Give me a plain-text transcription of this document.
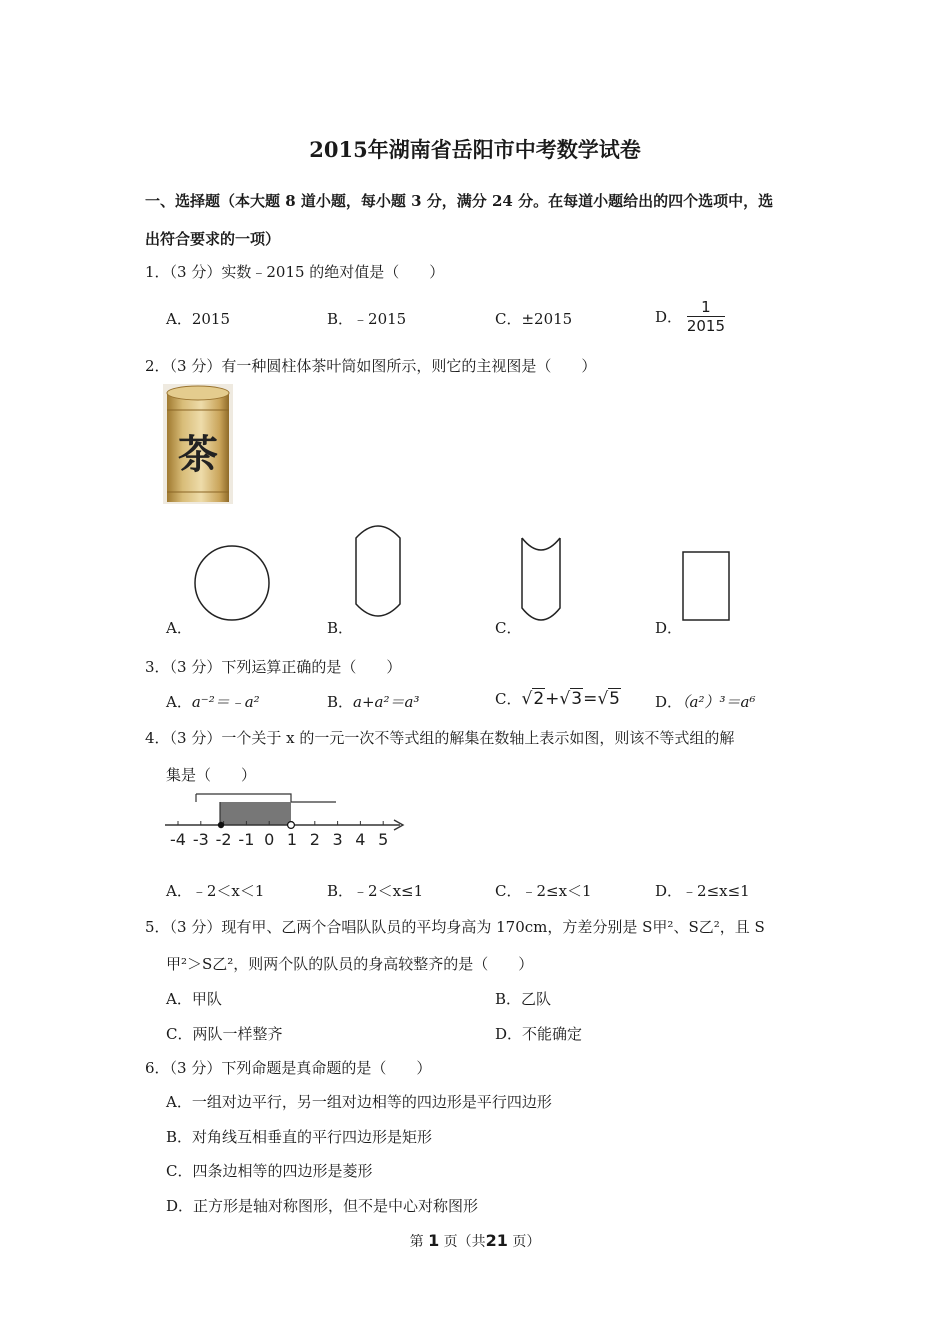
2015年湖南省岳阳市中考数学试卷
一、选择题（本大题 8 道小题，每小题 3 分，满分 24 分。在每道小题给出的四个选项中，选
出符合要求的一项）
1．（3 分）实数﹣2015 的绝对值是（　　）
A．2015	B．﹣2015	C．±2015	D． $\frac{1}{2015}$
2．（3 分）有一种圆柱体茶叶筒如图所示，则它的主视图是（　　）
茶
A．	B．	C．	D．
3．（3 分）下列运算正确的是（　　）
A．a⁻²＝﹣a²	B．a+a²＝a³	C．√2+√3=√5 D．（a²）³＝a⁶
4．（3 分）一个关于 x 的一元一次不等式组的解集在数轴上表示如图，则该不等式组的解
集是（　　）
-4 -3 -2 -1 0 1 2 3 4 5
A．﹣2＜x＜1	B．﹣2＜x≤1	C．﹣2≤x＜1	D．﹣2≤x≤1
5．（3 分）现有甲、乙两个合唱队队员的平均身高为 170cm，方差分别是 S甲²、S乙²，且 S
甲²＞S乙²，则两个队的队员的身高较整齐的是（　　）
A．甲队	B．乙队
C．两队一样整齐	D．不能确定
6．（3 分）下列命题是真命题的是（　　）
A．一组对边平行，另一组对边相等的四边形是平行四边形
B．对角线互相垂直的平行四边形是矩形
C．四条边相等的四边形是菱形
D．正方形是轴对称图形，但不是中心对称图形
第 1 页（共21 页）
